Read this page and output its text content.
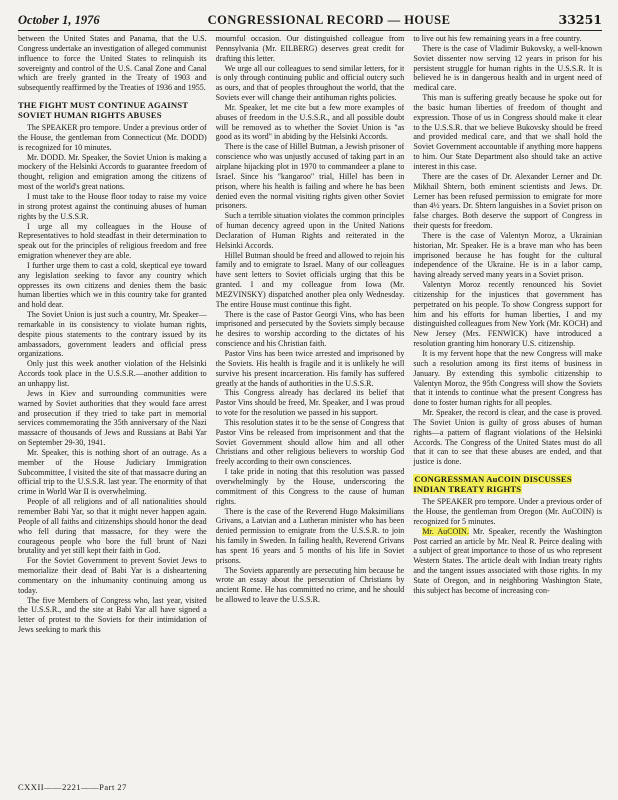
October 1, 1976	CONGRESSIONAL RECORD — HOUSE	33251

between the United States and Panama, that the U.S. Congress undertake an investigation of alleged communist influence to force the United States to relinquish its sovereignty and control of the U.S. Canal Zone and Canal which are freely granted in the Treaty of 1903 and subsequently reaffirmed by the Treaties of 1936 and 1955.

THE FIGHT MUST CONTINUE AGAINST SOVIET HUMAN RIGHTS ABUSES

The SPEAKER pro tempore. Under a previous order of the House, the gentleman from Connecticut (Mr. DODD) is recognized for 10 minutes.

Mr. DODD. Mr. Speaker, the Soviet Union is making a mockery of the Helsinki Accords to guarantee freedom of thought, religion and emigration among the citizens of most of the world's great nations.

I must take to the House floor today to raise my voice in strong protest against the continuing abuses of human rights by the U.S.S.R.

I urge all my colleagues in the House of Representatives to hold steadfast in their determination to speak out for the principles of religious freedom and free emigration whenever they are able.

I further urge them to cast a cold, skeptical eye toward any legislation seeking to favor any country which oppresses its own citizens and denies them the basic human liberties which we in this country take for granted and hold dear.

The Soviet Union is just such a country, Mr. Speaker—remarkable in its consistency to violate human rights, despite pious statements to the contrary issued by its ambassadors, government leaders and official press organizations.

Only just this week another violation of the Helsinki Accords took place in the U.S.S.R.—another addition to an unhappy list.

Jews in Kiev and surrounding communities were warned by Soviet authorities that they would face arrest and prosecution if they tried to take part in memorial services commemorating the 35th anniversary of the Nazi massacre of thousands of Jews and Russians at Babi Yar on September 29-30, 1941.

Mr. Speaker, this is nothing short of an outrage. As a member of the House Judiciary Immigration Subcommittee, I visited the site of that massacre during an official trip to the U.S.S.R. last year. The enormity of that crime in World War II is overwhelming.

People of all religions and of all nationalities should remember Babi Yar, so that it might never happen again. People of all faiths and citizenships should honor the dead who fell during that massacre, for they were the courageous people who bore the full brunt of Nazi brutality and yet still kept their faith in God.

For the Soviet Government to prevent Soviet Jews to memorialize their dead of Babi Yar is a disheartening commentary on the inhumanity continuing among us today.

The five Members of Congress who, last year, visited the U.S.S.R., and the site at Babi Yar all have signed a letter of protest to the Soviets for their intimidation of Jews seeking to mark this

mournful occasion. Our distinguished colleague from Pennsylvania (Mr. EILBERG) deserves great credit for drafting this letter.

We urge all our colleagues to send similar letters, for it is only through continuing public and official outcry such as ours, and that of peoples throughout the world, that the Soviets ever will change their antihuman rights policies.

Mr. Speaker, let me cite but a few more examples of abuses of freedom in the U.S.S.R., and all possible doubt will be removed as to whether the Soviet Union is "as good as its word" in abiding by the Helsinki Accords.

There is the case of Hillel Butman, a Jewish prisoner of conscience who was unjustly accused of taking part in an airplane hijacking plot in 1970 to commandeer a plane to Israel. Since his "kangaroo" trial, Hillel has been in prison, where his health is failing and where he has been denied even the normal visiting rights given other Soviet prisoners.

Such a terrible situation violates the common principles of human decency agreed upon in the United Nations Declaration of Human Rights and reiterated in the Helsinki Accords.

Hillel Butman should be freed and allowed to rejoin his family and to emigrate to Israel. Many of our colleagues have sent letters to Soviet officials urging that this be granted. I and my colleague from Iowa (Mr. MEZVINSKY) dispatched another plea only Wednesday. The entire House must continue this fight.

There is the case of Pastor Georgi Vins, who has been imprisoned and persecuted by the Soviets simply because he desires to worship according to the dictates of his conscience and his Christian faith.

Pastor Vins has been twice arrested and imprisoned by the Soviets. His health is fragile and it is unlikely he will survive his present incarceration. His family has suffered greatly at the hands of authorities in the U.S.S.R.

This Congress already has declared its belief that Pastor Vins should be freed, Mr. Speaker, and I was proud to vote for the resolution we passed in his support.

This resolution states it to be the sense of Congress that Pastor Vins be released from imprisonment and that the Soviet Government should allow him and all other Christians and other religious believers to worship God freely according to their own consciences.

I take pride in noting that this resolution was passed overwhelmingly by the House, underscoring the commitment of this Congress to the cause of human rights.

There is the case of the Reverend Hugo Maksimilians Grivans, a Latvian and a Lutheran minister who has been denied permission to emigrate from the U.S.S.R. to join his family in Sweden. In failing health, Reverend Grivans has spent 16 years and 5 months of his life in Soviet prisons.

The Soviets apparently are persecuting him because he wrote an essay about the persecution of Christians by ancient Rome. He has committed no crime, and he should be allowed to leave the U.S.S.R.

to live out his few remaining years in a free country.

There is the case of Vladimir Bukovsky, a well-known Soviet dissenter now serving 12 years in prison for his persistent struggle for human rights in the U.S.S.R. It is believed he is in dangerous health and in urgent need of medical care.

This man is suffering greatly because he spoke out for the basic human liberties of freedom of thought and expression. Those of us in Congress should make it clear to the U.S.S.R. that we believe Bukovsky should be freed and provided medical care, and that we shall hold the Soviet Government accountable if anything more happens to him. Our State Department also should take an active interest in this case.

There are the cases of Dr. Alexander Lerner and Dr. Mikhail Shtern, both eminent scientists and Jews. Dr. Lerner has been refused permission to emigrate for more than 4½ years. Dr. Shtern languishes in a Soviet prison on false charges. Both deserve the support of Congress in their quests for freedom.

There is the case of Valentyn Moroz, a Ukrainian historian, Mr. Speaker. He is a brave man who has been imprisoned because he has fought for the cultural independence of the Ukraine. He is in a labor camp, having already served many years in a Soviet prison.

Valentyn Moroz recently renounced his Soviet citizenship for the injustices that government has perpetrated on his people. To show Congress support for him and his efforts for human liberties, I and my distinguished colleagues from New York (Mr. KOCH) and New Jersey (Mrs. FENWICK) have introduced a resolution granting him honorary U.S. citizenship.

It is my fervent hope that the new Congress will make such a resolution among its first items of business in January. By extending this symbolic citizenship to Valentyn Moroz, the 95th Congress will show the Soviets that it intends to continue what the present Congress has done to foster human rights for all peoples.

Mr. Speaker, the record is clear, and the case is proved. The Soviet Union is guilty of gross abuses of human rights—a pattern of flagrant violations of the Helsinki Accords. The Congress of the United States must do all that it can to see that these abuses are ended, and that justice is done.

CONGRESSMAN AuCOIN DISCUSSES INDIAN TREATY RIGHTS

The SPEAKER pro tempore. Under a previous order of the House, the gentleman from Oregon (Mr. AuCOIN) is recognized for 5 minutes.

Mr. AuCOIN. Mr. Speaker, recently the Washington Post carried an article by Mr. Neal R. Peirce dealing with a subject of great importance to those of us who represent Western States. The article dealt with Indian treaty rights and the tangent issues associated with those rights. In my State of Oregon, and in neighboring Washington State, this subject has become of increasing con-

CXXII——2221——Part 27
